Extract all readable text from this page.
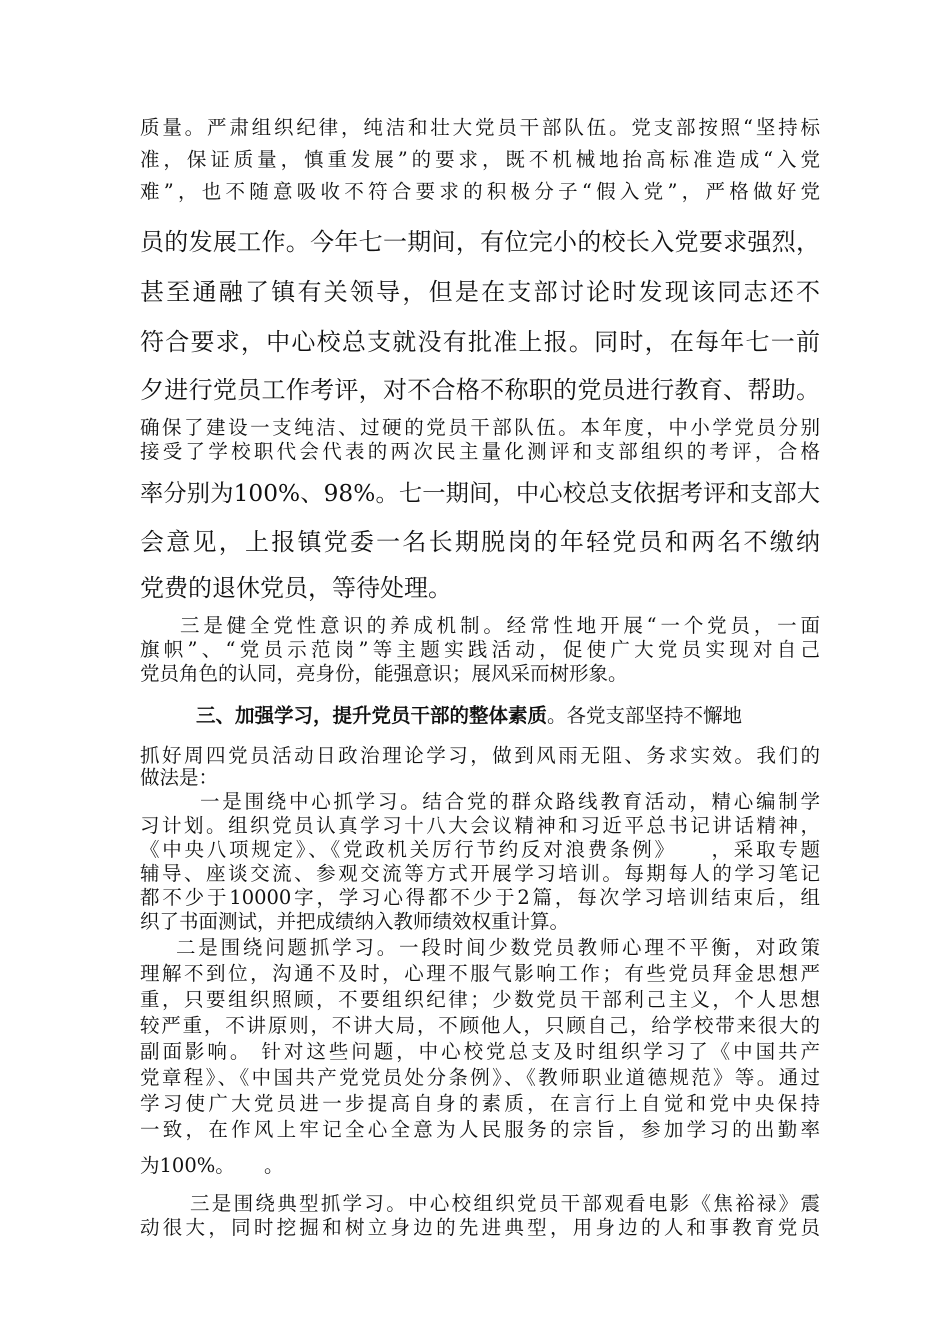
质量。严肃组织纪律，纯洁和壮大党员干部队伍。党支部按照“坚持标
准，保证质量，慎重发展”的要求，既不机械地抬高标准造成“入党
难”，也不随意吸收不符合要求的积极分子“假入党”，严格做好党
员的发展工作。今年七一期间，有位完小的校长入党要求强烈，
甚至通融了镇有关领导，但是在支部讨论时发现该同志还不
符合要求，中心校总支就没有批准上报。同时，在每年七一前
夕进行党员工作考评，对不合格不称职的党员进行教育、帮助。
确保了建设一支纯洁、过硬的党员干部队伍。本年度，中小学党员分别
接受了学校职代会代表的两次民主量化测评和支部组织的考评，合格
率分别为100%、98%。七一期间，中心校总支依据考评和支部大
会意见，上报镇党委一名长期脱岗的年轻党员和两名不缴纳
党费的退休党员，等待处理。
三是健全党性意识的养成机制。经常性地开展“一个党员，一面
旗帜”、“党员示范岗”等主题实践活动，促使广大党员实现对自己
党员角色的认同，亮身份，能强意识；展风采而树形象。
三、加强学习，提升党员干部的整体素质。各党支部坚持不懈地
抓好周四党员活动日政治理论学习，做到风雨无阻、务求实效。我们的
做法是：
一是围绕中心抓学习。结合党的群众路线教育活动，精心编制学
习计划。组织党员认真学习十八大会议精神和习近平总书记讲话精神，
《中央八项规定》、《党政机关厉行节约反对浪费条例》　　，采取专题
辅导、座谈交流、参观交流等方式开展学习培训。每期每人的学习笔记
都不少于10000字，学习心得都不少于2篇，每次学习培训结束后，组
织了书面测试，并把成绩纳入教师绩效权重计算。
二是围绕问题抓学习。一段时间少数党员教师心理不平衡，对政策
理解不到位，沟通不及时，心理不服气影响工作；有些党员拜金思想严
重，只要组织照顾，不要组织纪律；少数党员干部利己主义，个人思想
较严重，不讲原则，不讲大局，不顾他人，只顾自己，给学校带来很大的
副面影响。 针对这些问题，中心校党总支及时组织学习了《中国共产
党章程》、《中国共产党党员处分条例》、《教师职业道德规范》等。通过
学习使广大党员进一步提高自身的素质，在言行上自觉和党中央保持
一致，在作风上牢记全心全意为人民服务的宗旨，参加学习的出勤率
为100%。　　。
三是围绕典型抓学习。中心校组织党员干部观看电影《焦裕禄》震
动很大，同时挖掘和树立身边的先进典型，用身边的人和事教育党员
